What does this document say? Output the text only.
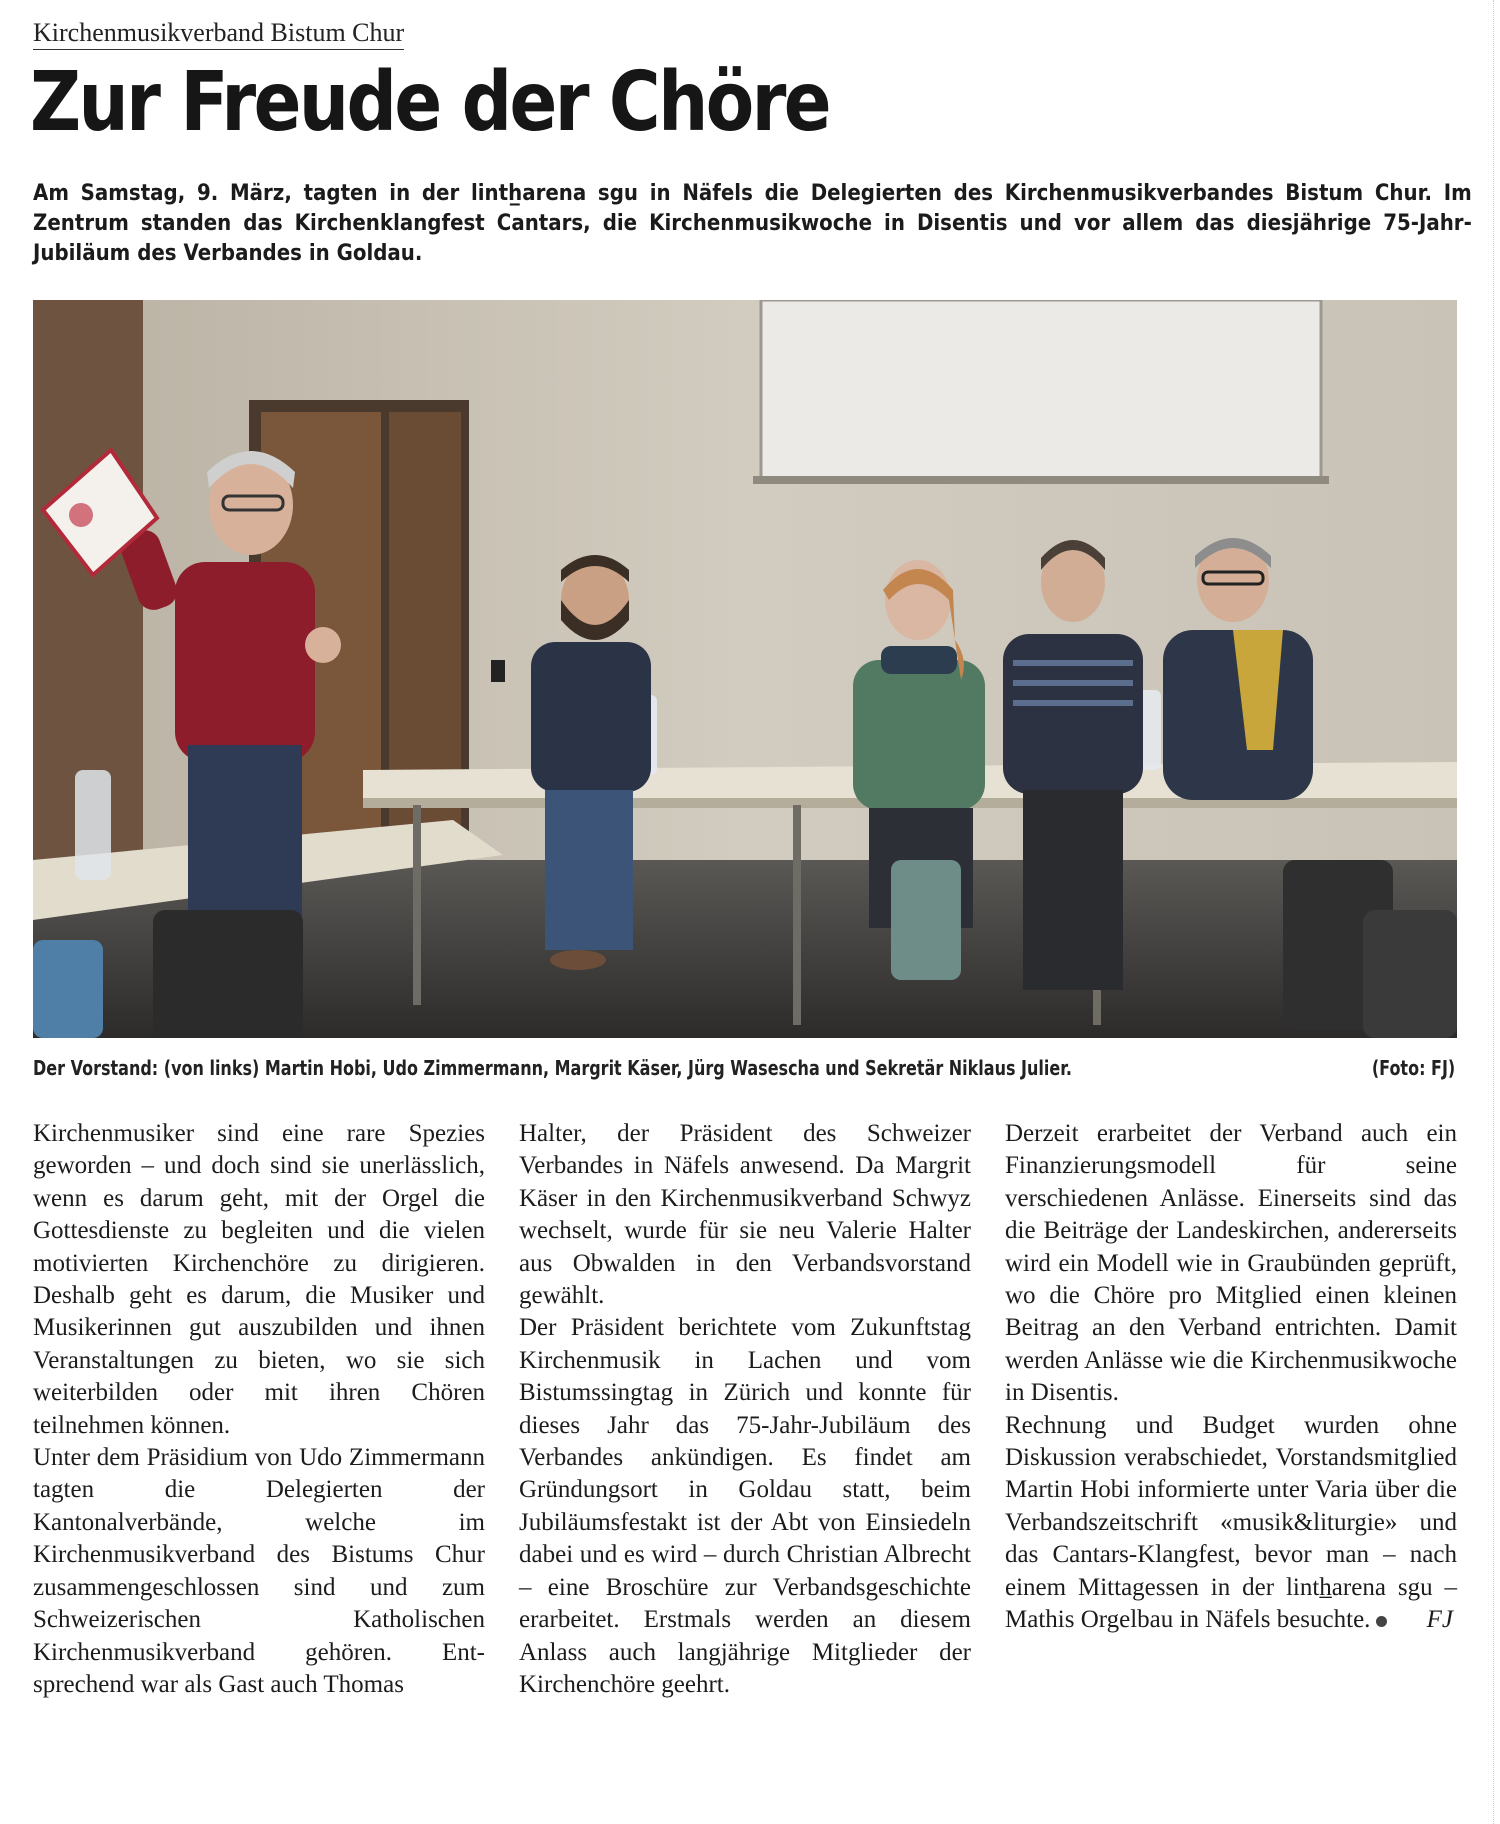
Kirchenmusikverband Bistum Chur
Zur Freude der Chöre
Am Samstag, 9. März, tagten in der linth̲arena sgu in Näfels die Delegierten des Kirchenmusikverbandes Bistum Chur. Im Zentrum standen das Kirchenklangfest Cantars, die Kirchenmusikwoche in Disentis und vor allem das diesjährige 75-Jahr-Jubiläum des Verbandes in Goldau.
Der Vorstand: (von links) Martin Hobi, Udo Zimmermann, Margrit Käser, Jürg Wasescha und Sekretär Niklaus Julier.	(Foto: FJ)

Kirchenmusiker sind eine rare Spezies geworden – und doch sind sie unerlässlich, wenn es darum geht, mit der Orgel die Gottesdienste zu begleiten und die vielen motivierten Kirchenchöre zu dirigieren. Deshalb geht es darum, die Musiker und Musikerinnen gut auszubilden und ihnen Veranstaltungen zu bieten, wo sie sich weiterbilden oder mit ihren Chören teilnehmen können.

Unter dem Präsidium von Udo Zimmermann tagten die Delegierten der Kantonalverbände, welche im Kirchenmusikverband des Bistums Chur zusammengeschlossen sind und zum Schweizerischen Katholischen Kirchenmusikverband gehören. Entsprechend war als Gast auch Thomas

Halter, der Präsident des Schweizer Verbandes in Näfels anwesend. Da Margrit Käser in den Kirchenmusikverband Schwyz wechselt, wurde für sie neu Valerie Halter aus Obwalden in den Verbandsvorstand gewählt.

Der Präsident berichtete vom Zukunftstag Kirchenmusik in Lachen und vom Bistumssingtag in Zürich und konnte für dieses Jahr das 75-Jahr-Jubiläum des Verbandes ankündigen. Es findet am Gründungsort in Goldau statt, beim Jubiläumsfestakt ist der Abt von Einsiedeln dabei und es wird – durch Christian Albrecht – eine Broschüre zur Verbandsgeschichte erarbeitet. Erstmals werden an diesem Anlass auch langjährige Mitglieder der Kirchenchöre geehrt.

Derzeit erarbeitet der Verband auch ein Finanzierungsmodell für seine verschiedenen Anlässe. Einerseits sind das die Beiträge der Landeskirchen, andererseits wird ein Modell wie in Graubünden geprüft, wo die Chöre pro Mitglied einen kleinen Beitrag an den Verband entrichten. Damit werden Anlässe wie die Kirchenmusikwoche in Disentis.

Rechnung und Budget wurden ohne Diskussion verabschiedet, Vorstandsmitglied Martin Hobi informierte unter Varia über die Verbandszeitschrift «musik&liturgie» und das Cantars-Klangfest, bevor man – nach einem Mittagessen in der linth̲arena sgu – Mathis Orgelbau in Näfels besuchte. FJ
